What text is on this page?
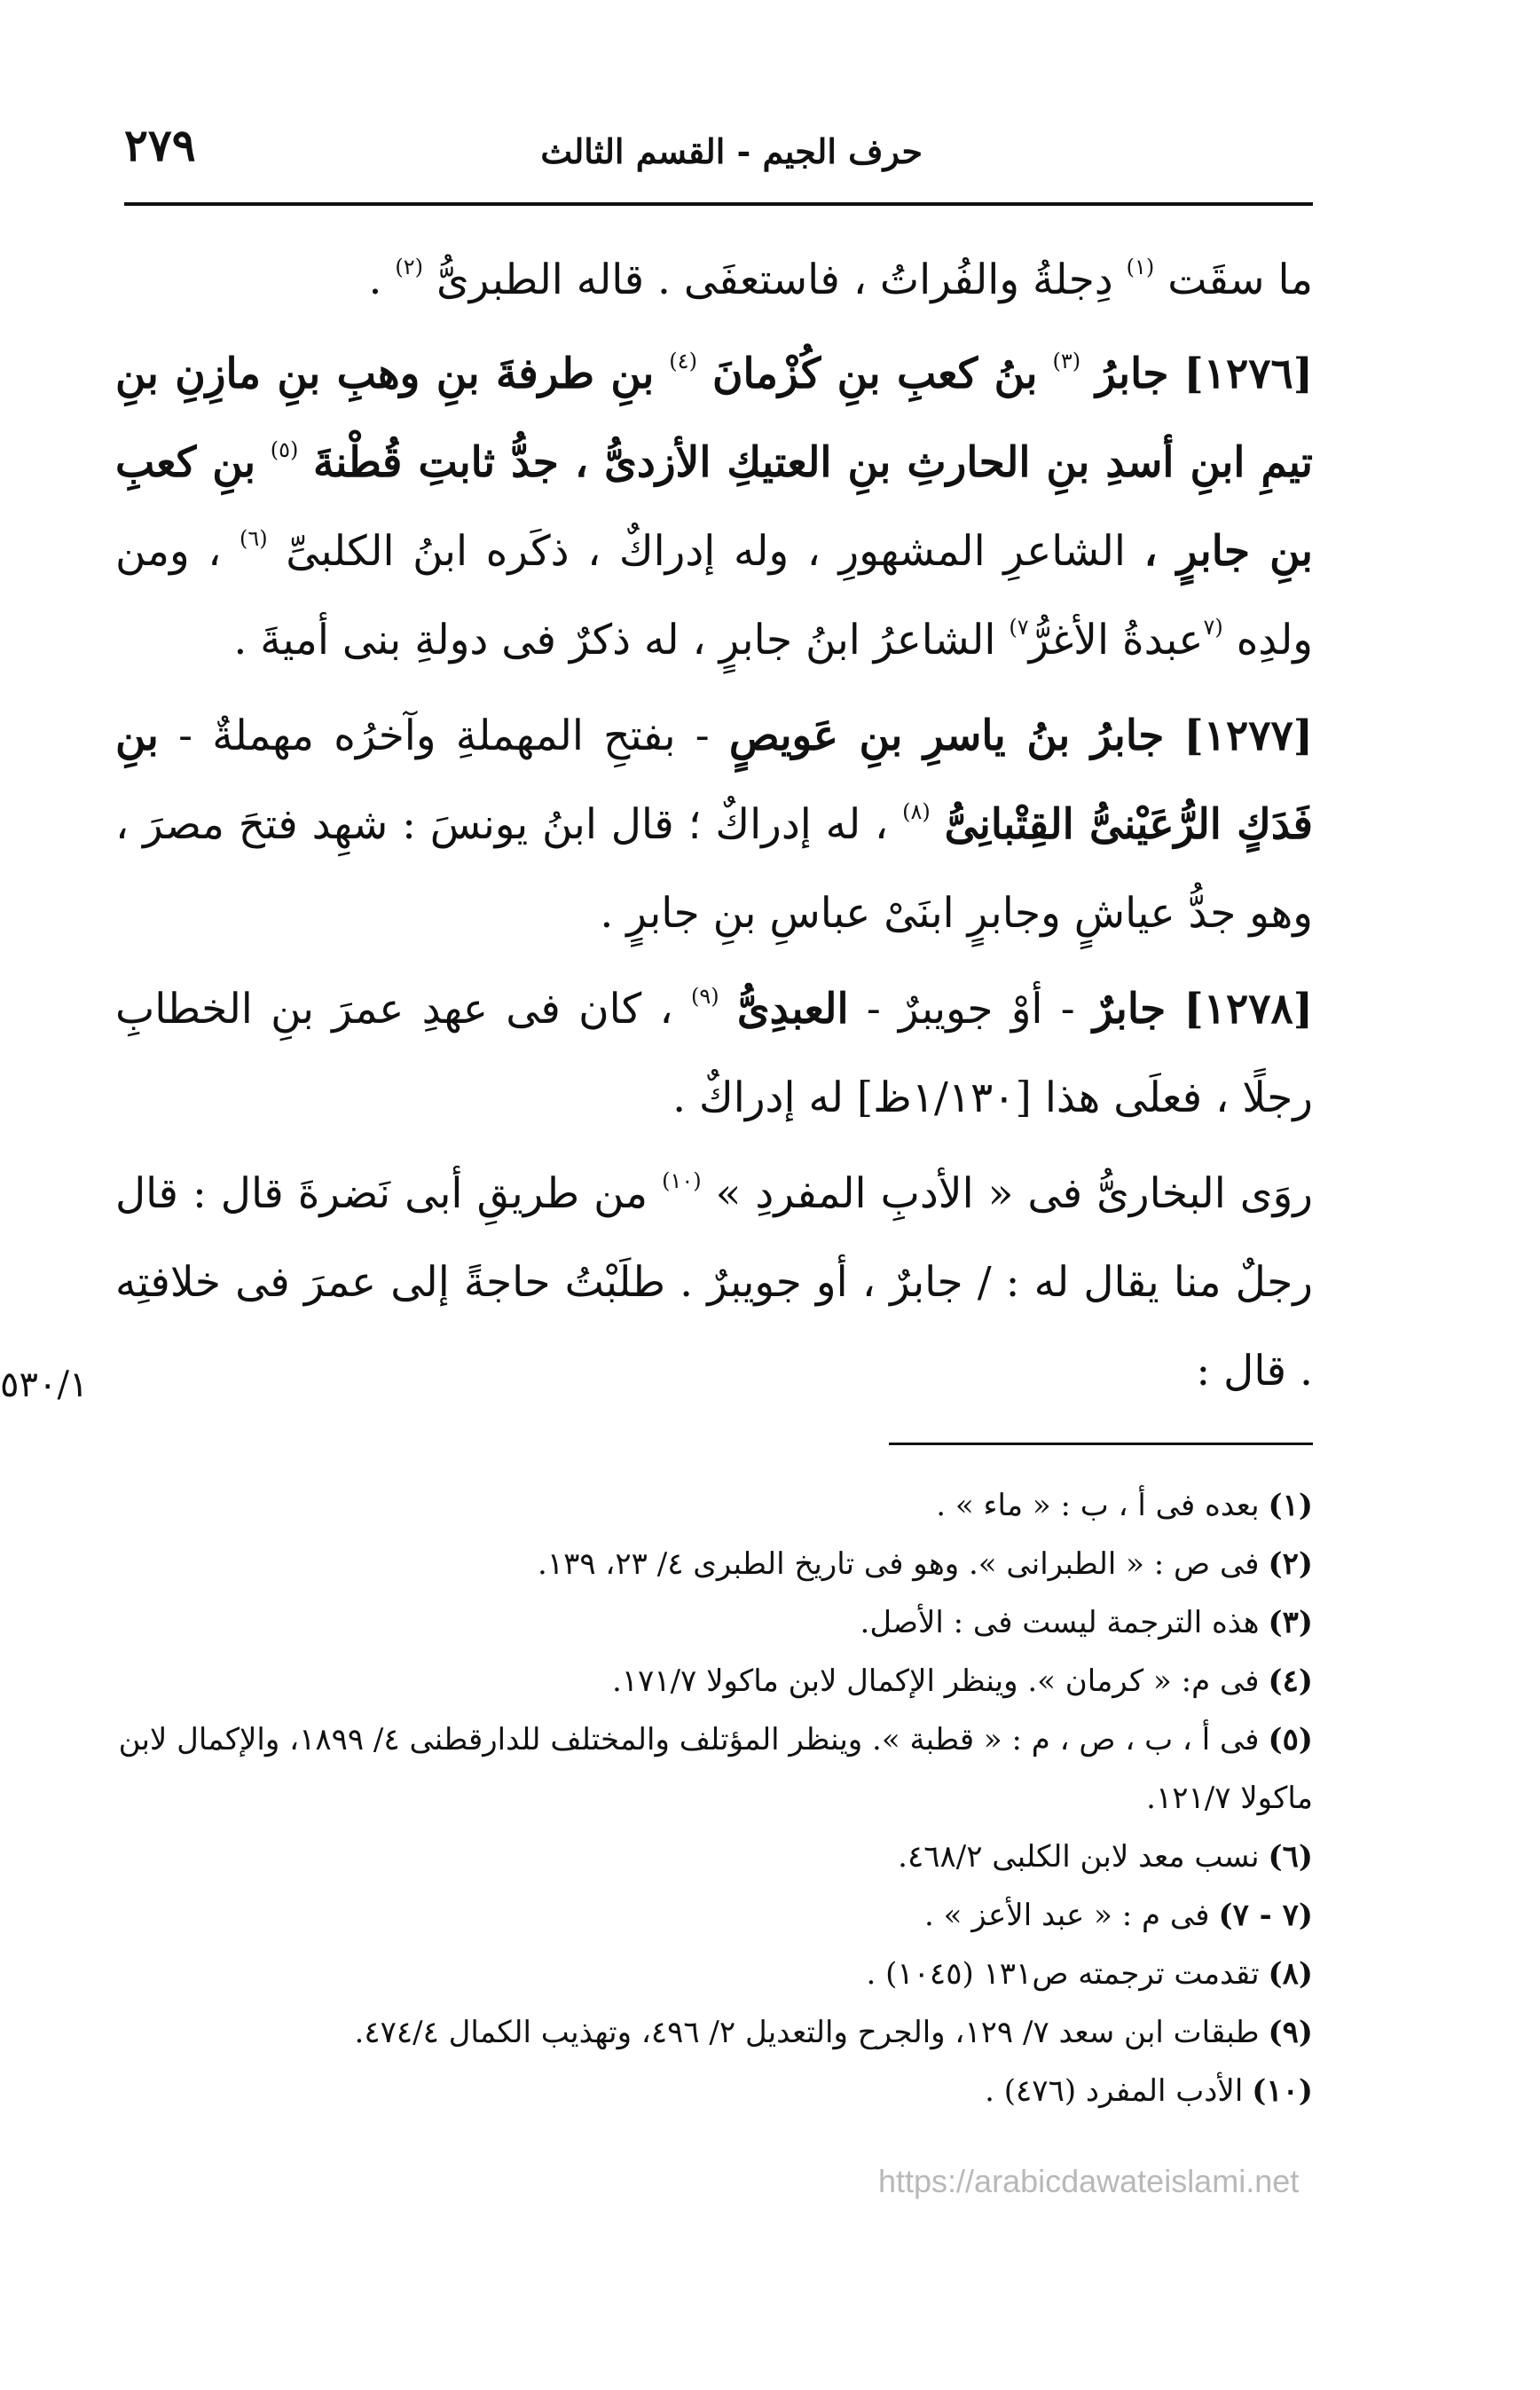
٢٧٩	حرف الجيم - القسم الثالث

ما سقَت $^{(١)}$ دِجلةُ والفُراتُ ، فاستعفَى . قاله الطبرىُّ $^{(٢)}$ .

[١٢٧٦] جابرُ $^{(٣)}$ بنُ كعبِ بنِ كُزْمانَ $^{(٤)}$ بنِ طرفةَ بنِ وهبِ بنِ مازِنِ بنِ تيمِ ابنِ أسدِ بنِ الحارثِ بنِ العتيكِ الأزدىُّ ، جدُّ ثابتِ قُطْنةَ $^{(٥)}$ بنِ كعبِ بنِ جابرٍ ، الشاعرِ المشهورِ ، وله إدراكٌ ، ذكَره ابنُ الكلبىِّ $^{(٦)}$ ، ومن ولدِه $^{(٧}$عبدةُ الأغرُّ$^{٧)}$ الشاعرُ ابنُ جابرٍ ، له ذكرٌ فى دولةِ بنى أميةَ .

[١٢٧٧] جابرُ بنُ ياسرِ بنِ عَويصٍ - بفتحِ المهملةِ وآخرُه مهملةٌ - بنِ فَدَكٍ الرُّعَيْنىُّ القِتْبانِىُّ $^{(٨)}$ ، له إدراكٌ ؛ قال ابنُ يونسَ : شهِد فتحَ مصرَ ، وهو جدُّ عياشٍ وجابرٍ ابنَىْ عباسِ بنِ جابرٍ .

[١٢٧٨] جابرٌ - أوْ جويبرٌ - العبدِىُّ $^{(٩)}$ ، كان فى عهدِ عمرَ بنِ الخطابِ رجلًا ، فعلَى هذا [١/١٣٠ظ] له إدراكٌ .

روَى البخارىُّ فى « الأدبِ المفردِ » $^{(١٠)}$ من طريقِ أبى نَضرةَ قال : قال رجلٌ منا يقال له : / جابرٌ ، أو جويبرٌ . طلَبْتُ حاجةً إلى عمرَ فى خلافتِه . قال :

٥٣٠/١

(١)بعده فى أ ، ب : « ماء » .

(٢)فى ص : « الطبرانى ». وهو فى تاريخ الطبرى ٤/ ٢٣، ١٣٩.

(٣)هذه الترجمة ليست فى : الأصل.

(٤)فى م: « كرمان ». وينظر الإكمال لابن ماكولا ١٧١/٧.

(٥)فى أ ، ب ، ص ، م : « قطبة ». وينظر المؤتلف والمختلف للدارقطنى ٤/ ١٨٩٩، والإكمال لابن ماكولا ١٢١/٧.

(٦)نسب معد لابن الكلبى ٤٦٨/٢.

(٧ - ٧)فى م : « عبد الأعز » .

(٨)تقدمت ترجمته ص١٣١ (١٠٤٥) .

(٩)طبقات ابن سعد ٧/ ١٢٩، والجرح والتعديل ٢/ ٤٩٦، وتهذيب الكمال ٤٧٤/٤.

(١٠)الأدب المفرد (٤٧٦) .

https://arabicdawateislami.net
